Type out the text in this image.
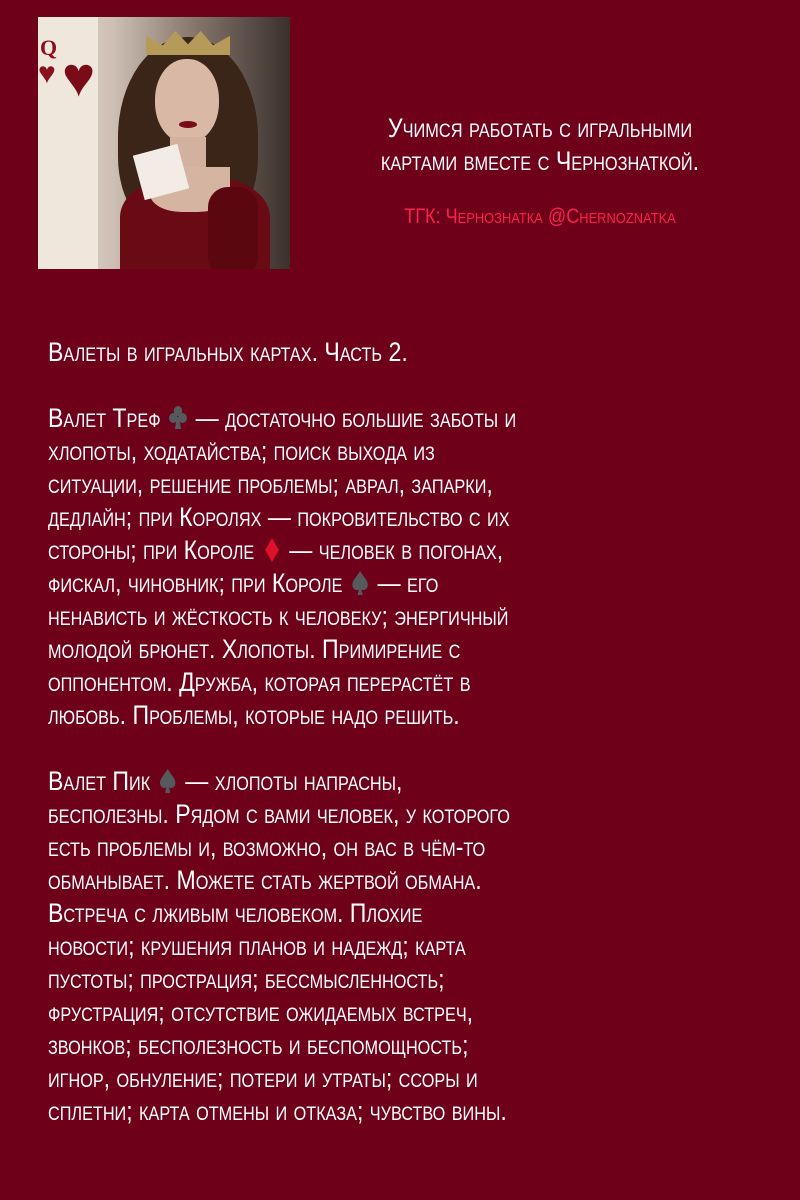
Q
♥ ♥
Учимся работать с игральными
картами вместе с Чернознаткой.
ТГК: Чернознатка @Chernoznatka
Валеты в игральных картах. Часть 2.
Валет Треф — достаточно большие заботы и
хлопоты, ходатайства; поиск выхода из
ситуации, решение проблемы; аврал, запарки,
дедлайн; при Королях — покровительство с их
стороны; при Короле — человек в погонах,
фискал, чиновник; при Короле — его
ненависть и жёсткость к человеку; энергичный
молодой брюнет. Хлопоты. Примирение с
оппонентом. Дружба, которая перерастёт в
любовь. Проблемы, которые надо решить.
Валет Пик — хлопоты напрасны,
бесполезны. Рядом с вами человек, у которого
есть проблемы и, возможно, он вас в чём-то
обманывает. Можете стать жертвой обмана.
Встреча с лживым человеком. Плохие
новости; крушения планов и надежд; карта
пустоты; прострация; бессмысленность;
фрустрация; отсутствие ожидаемых встреч,
звонков; бесполезность и беспомощность;
игнор, обнуление; потери и утраты; ссоры и
сплетни; карта отмены и отказа; чувство вины.
